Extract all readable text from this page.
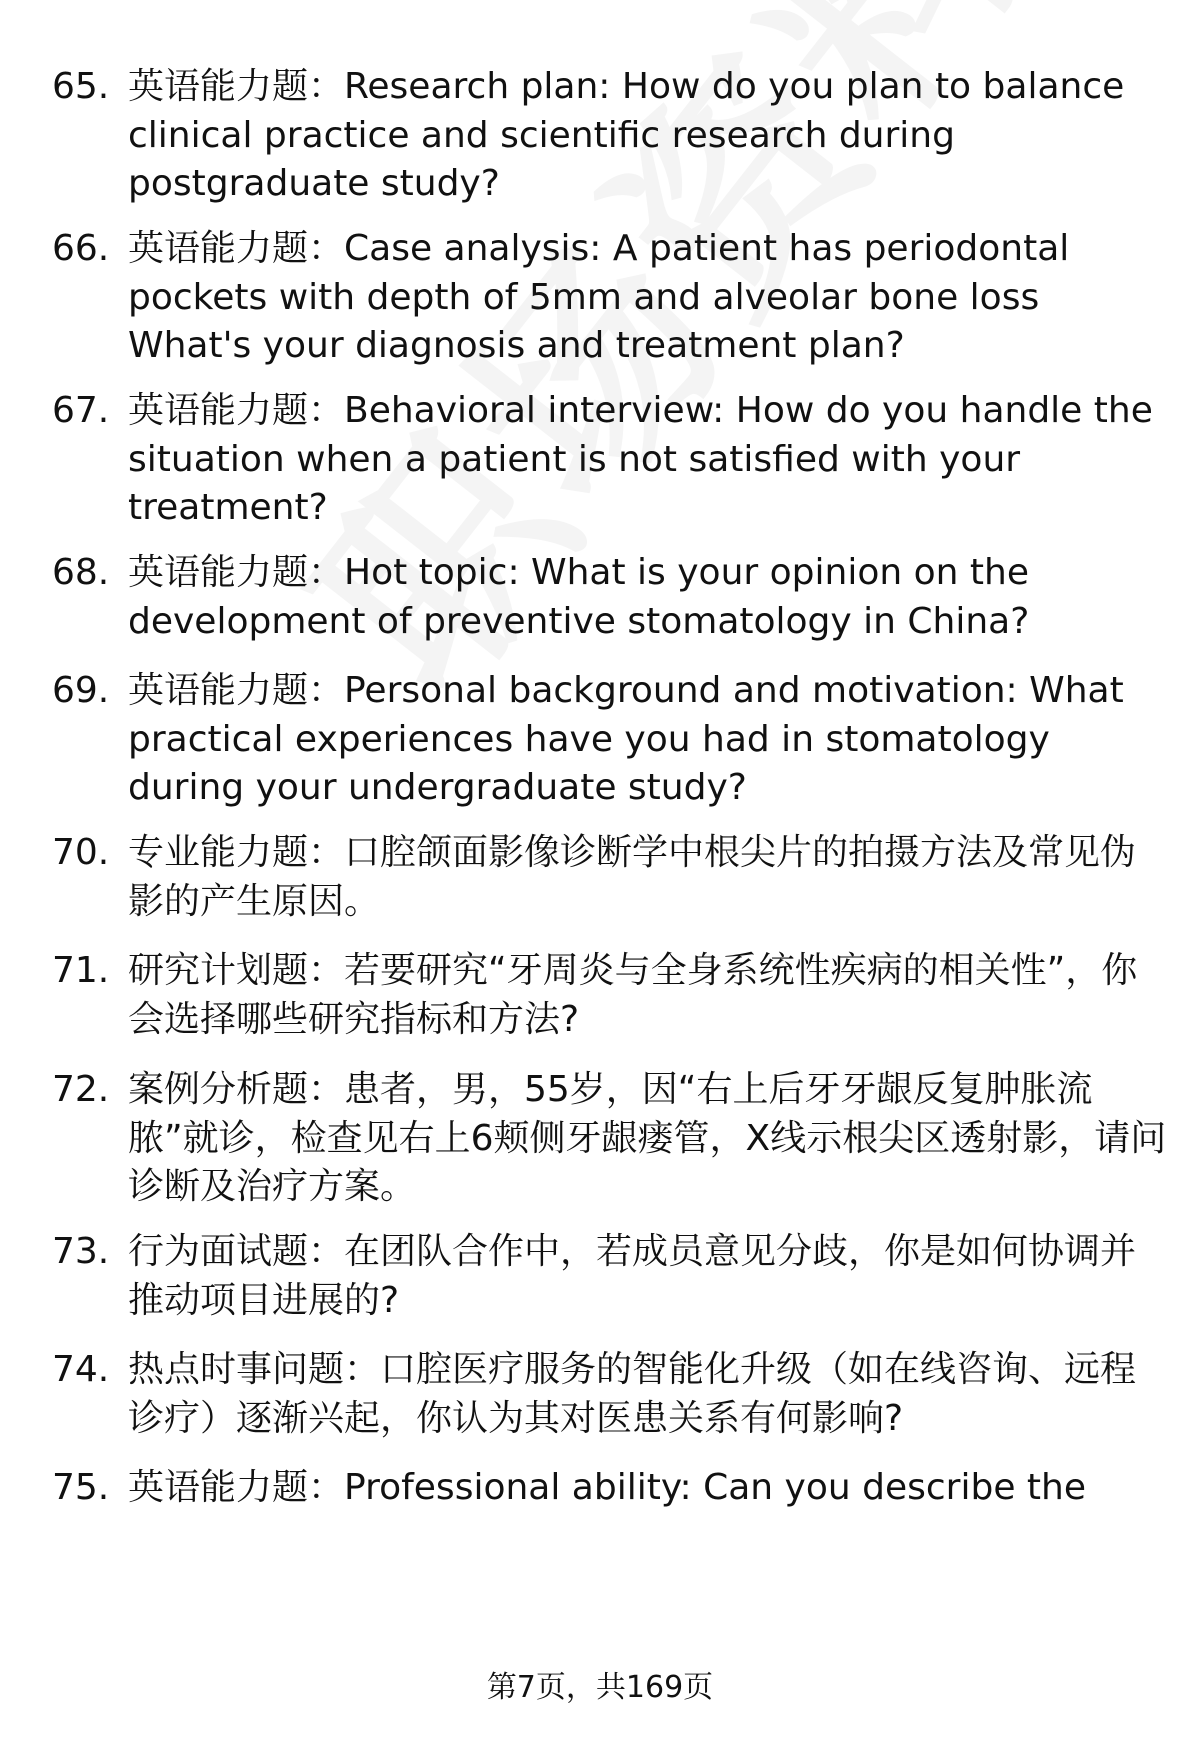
65. 英语能力题：Research plan: How do you plan to balance clinical practice and scientific research during postgraduate study?
66. 英语能力题：Case analysis: A patient has periodontal pockets with depth of 5mm and alveolar bone loss What's your diagnosis and treatment plan?
67. 英语能力题：Behavioral interview: How do you handle the situation when a patient is not satisfied with your treatment?
68. 英语能力题：Hot topic: What is your opinion on the development of preventive stomatology in China?
69. 英语能力题：Personal background and motivation: What practical experiences have you had in stomatology during your undergraduate study?
70. 专业能力题：口腔颌面影像诊断学中根尖片的拍摄方法及常见伪影的产生原因。
71. 研究计划题：若要研究“牙周炎与全身系统性疾病的相关性”，你会选择哪些研究指标和方法?
72. 案例分析题：患者，男，55岁，因“右上后牙牙龈反复肿胀流脓”就诊，检查见右上6颊侧牙龈瘘管，X线示根尖区透射影，请问诊断及治疗方案。
73. 行为面试题：在团队合作中，若成员意见分歧，你是如何协调并推动项目进展的?
74. 热点时事问题：口腔医疗服务的智能化升级（如在线咨询、远程诊疗）逐渐兴起，你认为其对医患关系有何影响?
75. 英语能力题：Professional ability: Can you describe the
第7页，共169页
